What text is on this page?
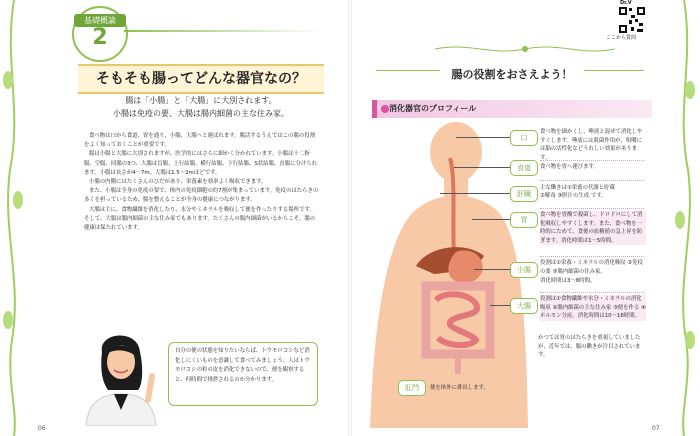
基礎概論
2
そもそも腸ってどんな器官なの？
腸は「小腸」と「大腸」に大別されます。
小腸は免疫の要、大腸は腸内細菌の主な住み家。

食べ物は口から食道、胃を通り、小腸、大腸へと運ばれます。腸活するうえではこの腸の役割をよく知っておくことが重要です。

腸は小腸と大腸に大別されますが、医学的にはさらに細かく分かれています。小腸は十二指腸、空腸、回腸の3つ、大腸は盲腸、上行結腸、横行結腸、下行結腸、S状結腸、直腸に分けられます。小腸は長さが4〜7m、大腸は1.5〜2mほどです。

小腸の内側にはたくさんのひだがあり、栄養素を効率よく吸収できます。

また、小腸は全身の免疫の要で、体内の免疫細胞の約7割が集まっています。免疫のはたらきの多くを担っているため、腸を整えることが全身の健康につながります。

大腸は主に、食物繊維を消化したり、水分やミネラルを吸収して便を作ったりする場所です。そして、大腸は腸内細菌の主な住み家でもあります。たくさんの腸内細菌がいるからこそ、腸の健康は保たれています。

自分の便の状態を知りたいならば、トウモロコシなど消化しにくいものを意識して食べてみましょう。人はトウモロコシの粒の皮を消化できないので、便を観察すると、何時間で排泄されるのか分かります。
06
Dr.V
ここから質問
腸の役割をおさえよう！
消化器官のプロフィール
口
食道
肝臓
胃
小腸
大腸
肛門
食べ物を細かくし、唾液と混ぜて消化しやすくします。唾液には殺菌作用が、咀嚼には脳の活性化などうれしい効果があります。
食べ物を胃へ運びます。
主な働きは①栄養の代謝と貯蔵
②解毒 ③胆汁の生成 です。
食べ物を胃酸で殺菌し、ドロドロにして消化吸収しやすくします。また、食べ物を一時的にためて、食後の血糖値の急上昇を防ぎます。消化時間は1〜5時間。
役割は①栄養・ミネラルの消化吸収 ②免疫の要 ③腸内細菌の住み家。
消化時間は3〜8時間。
役割は①食物繊維や水分・ミネラルの消化吸収 ②腸内細菌の主な住み家 ③便を作る ④ホルモン分泌。消化時間は10〜18時間。
便を体外に排出します。
かつては胃のはたらきを重視していましたが、近年では、腸の働きが注目されています。
07
